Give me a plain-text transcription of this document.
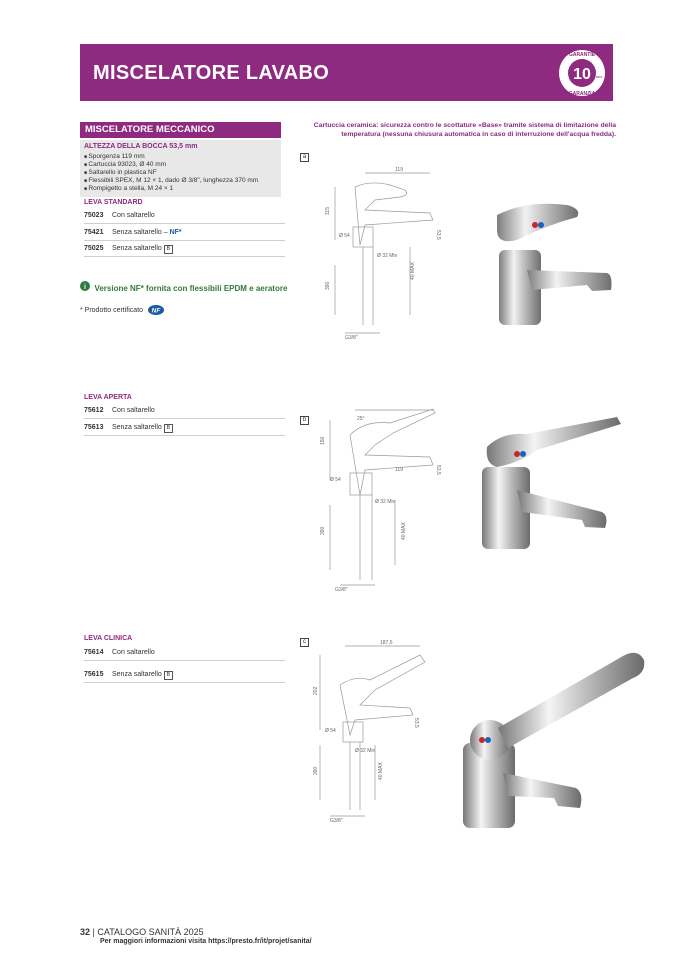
MISCELATORE LAVABO	10 ans
GARANTIE
GARANZIA
MISCELATORE MECCANICO
ALTEZZA DELLA BOCCA 53,5 mm
■ Sporgenza 119 mm
■ Cartuccia 93023, Ø 40 mm
■ Saltarello in plastica NF
■ Flessibili SPEX, M 12 × 1, dado Ø 3/8", lunghezza 370 mm
■ Rompigetto a stella, M 24 × 1
LEVA STANDARD
75023 Con saltarello
75421 Senza saltarello – NF*
75025 Senza saltarello B
i Versione NF* fornita con flessibili EPDM e aeratore
* Prodotto certificato NF
LEVA APERTA
75612 Con saltarello
75613 Senza saltarello B
LEVA CLINICA
75614 Con saltarello
75615 Senza saltarello B
Cartuccia ceramica: sicurezza contro le scottature «Base» tramite sistema di limitazione della temperatura (nessuna chiusura automatica in caso di interruzione dell'acqua fredda).
a
119
115
53,5
Ø 54
Ø 32 Min
390
40 MAX
G3/8"
b	25°
150
119	53,5
Ø 54
Ø 32 Min
390	40 MAX
G3/8"
c	187,5
202
Ø 54
Ø 32 Min
390	40 MAX
G3/8"
53,5
32 | CATALOGO SANITÀ 2025
Per maggiori informazioni visita https://presto.fr/it/projet/sanita/
